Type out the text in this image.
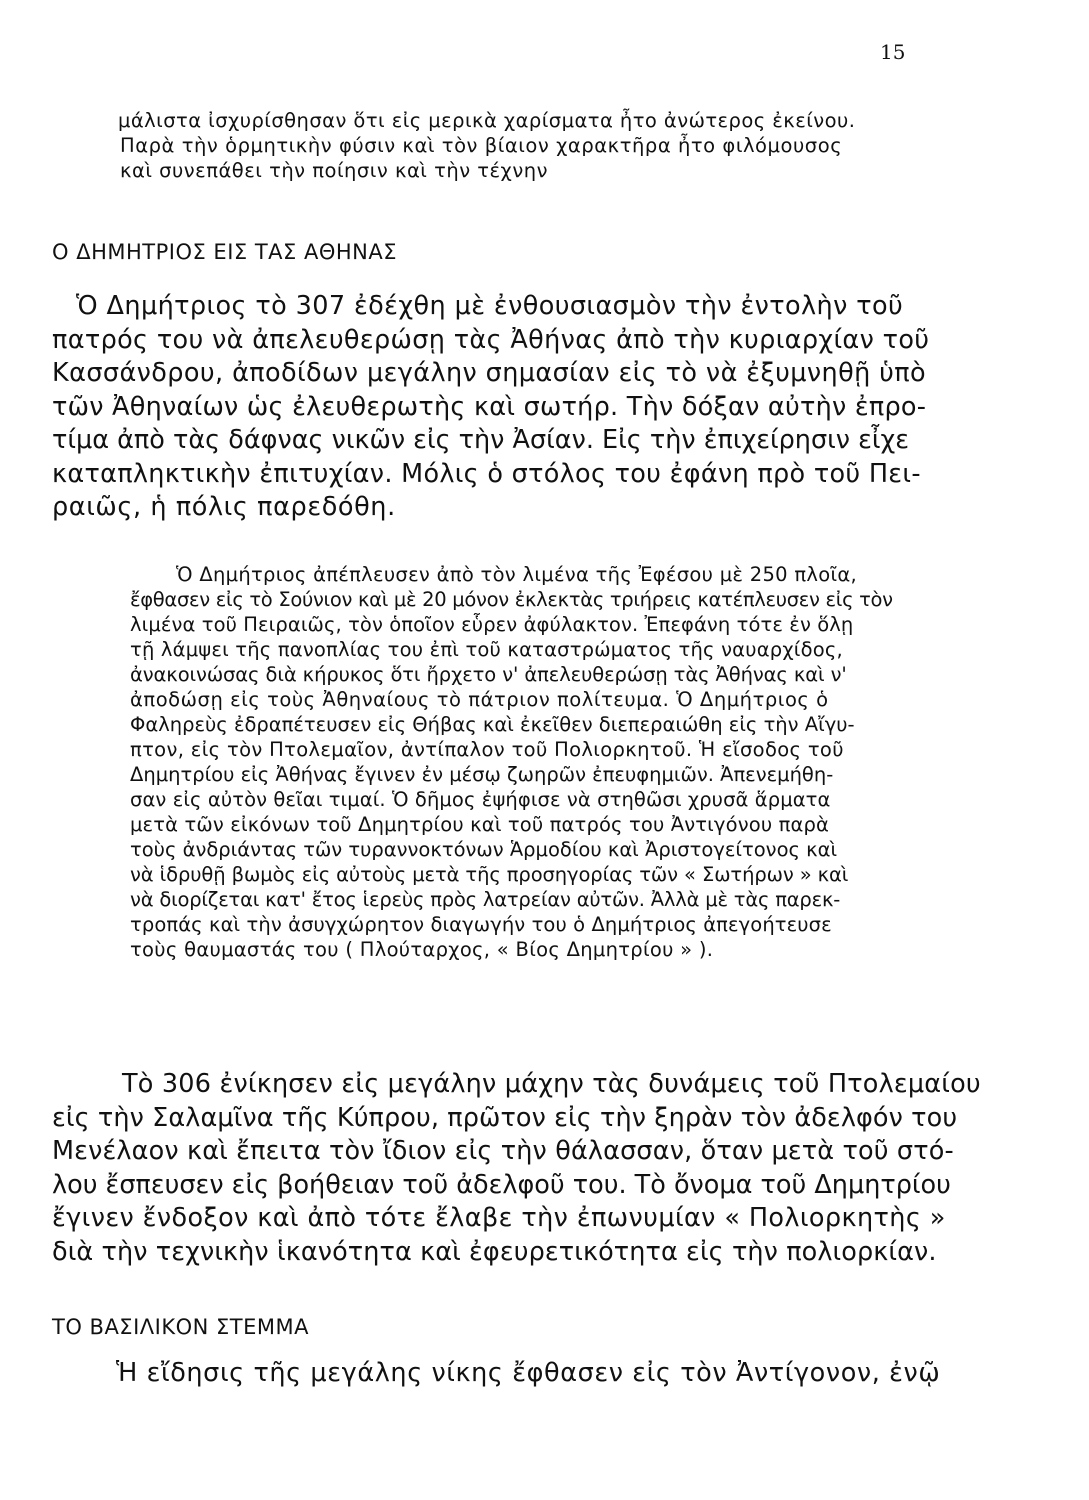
15
μάλιστα ἰσχυρίσθησαν ὅτι εἰς μερικὰ χαρίσματα ἦτο ἀνώτερος ἐκείνου.
Παρὰ τὴν ὁρμητικὴν φύσιν καὶ τὸν βίαιον χαρακτῆρα ἦτο φιλόμουσος
καὶ συνεπάθει τὴν ποίησιν καὶ τὴν τέχνην
Ο ΔΗΜΗΤΡΙΟΣ ΕΙΣ ΤΑΣ ΑΘΗΝΑΣ
Ὁ Δημήτριος τὸ 307 ἐδέχθη μὲ ἐνθουσιασμὸν τὴν ἐντολὴν τοῦ
πατρός του νὰ ἀπελευθερώσῃ τὰς Ἀθήνας ἀπὸ τὴν κυριαρχίαν τοῦ
Κασσάνδρου, ἀποδίδων μεγάλην σημασίαν εἰς τὸ νὰ ἐξυμνηθῇ ὑπὸ
τῶν Ἀθηναίων ὡς ἐλευθερωτὴς καὶ σωτήρ. Τὴν δόξαν αὐτὴν ἐπρο-
τίμα ἀπὸ τὰς δάφνας νικῶν εἰς τὴν Ἀσίαν. Εἰς τὴν ἐπιχείρησιν εἶχε
καταπληκτικὴν ἐπιτυχίαν. Μόλις ὁ στόλος του ἐφάνη πρὸ τοῦ Πει-
ραιῶς, ἡ πόλις παρεδόθη.
Ὁ Δημήτριος ἀπέπλευσεν ἀπὸ τὸν λιμένα τῆς Ἐφέσου μὲ 250 πλοῖα,
ἔφθασεν εἰς τὸ Σούνιον καὶ μὲ 20 μόνον ἐκλεκτὰς τριήρεις κατέπλευσεν εἰς τὸν
λιμένα τοῦ Πειραιῶς, τὸν ὁποῖον εὗρεν ἀφύλακτον. Ἐπεφάνη τότε ἐν ὅλῃ
τῇ λάμψει τῆς πανοπλίας του ἐπὶ τοῦ καταστρώματος τῆς ναυαρχίδος,
ἀνακοινώσας διὰ κήρυκος ὅτι ἤρχετο ν' ἀπελευθερώσῃ τὰς Ἀθήνας καὶ ν'
ἀποδώσῃ εἰς τοὺς Ἀθηναίους τὸ πάτριον πολίτευμα. Ὁ Δημήτριος ὁ
Φαληρεὺς ἐδραπέτευσεν εἰς Θήβας καὶ ἐκεῖθεν διεπεραιώθη εἰς τὴν Αἴγυ-
πτον, εἰς τὸν Πτολεμαῖον, ἀντίπαλον τοῦ Πολιορκητοῦ. Ἡ εἴσοδος τοῦ
Δημητρίου εἰς Ἀθήνας ἔγινεν ἐν μέσῳ ζωηρῶν ἐπευφημιῶν. Ἀπενεμήθη-
σαν εἰς αὐτὸν θεῖαι τιμαί. Ὁ δῆμος ἐψήφισε νὰ στηθῶσι χρυσᾶ ἅρματα
μετὰ τῶν εἰκόνων τοῦ Δημητρίου καὶ τοῦ πατρός του Ἀντιγόνου παρὰ
τοὺς ἀνδριάντας τῶν τυραννοκτόνων Ἁρμοδίου καὶ Ἀριστογείτονος καὶ
νὰ ἱδρυθῇ βωμὸς εἰς αὐτοὺς μετὰ τῆς προσηγορίας τῶν « Σωτήρων » καὶ
νὰ διορίζεται κατ' ἔτος ἱερεὺς πρὸς λατρείαν αὐτῶν. Ἀλλὰ μὲ τὰς παρεκ-
τροπάς καὶ τὴν ἀσυγχώρητον διαγωγήν του ὁ Δημήτριος ἀπεγοήτευσε
τοὺς θαυμαστάς του ( Πλούταρχος, « Βίος Δημητρίου » ).
Τὸ 306 ἐνίκησεν εἰς μεγάλην μάχην τὰς δυνάμεις τοῦ Πτολεμαίου
εἰς τὴν Σαλαμῖνα τῆς Κύπρου, πρῶτον εἰς τὴν ξηρὰν τὸν ἀδελφόν του
Μενέλαον καὶ ἔπειτα τὸν ἴδιον εἰς τὴν θάλασσαν, ὅταν μετὰ τοῦ στό-
λου ἔσπευσεν εἰς βοήθειαν τοῦ ἀδελφοῦ του. Τὸ ὄνομα τοῦ Δημητρίου
ἔγινεν ἔνδοξον καὶ ἀπὸ τότε ἔλαβε τὴν ἐπωνυμίαν « Πολιορκητὴς »
διὰ τὴν τεχνικὴν ἱκανότητα καὶ ἐφευρετικότητα εἰς τὴν πολιορκίαν.
ΤΟ ΒΑΣΙΛΙΚΟΝ ΣΤΕΜΜΑ
Ἡ εἴδησις τῆς μεγάλης νίκης ἔφθασεν εἰς τὸν Ἀντίγονον, ἐνῷ
